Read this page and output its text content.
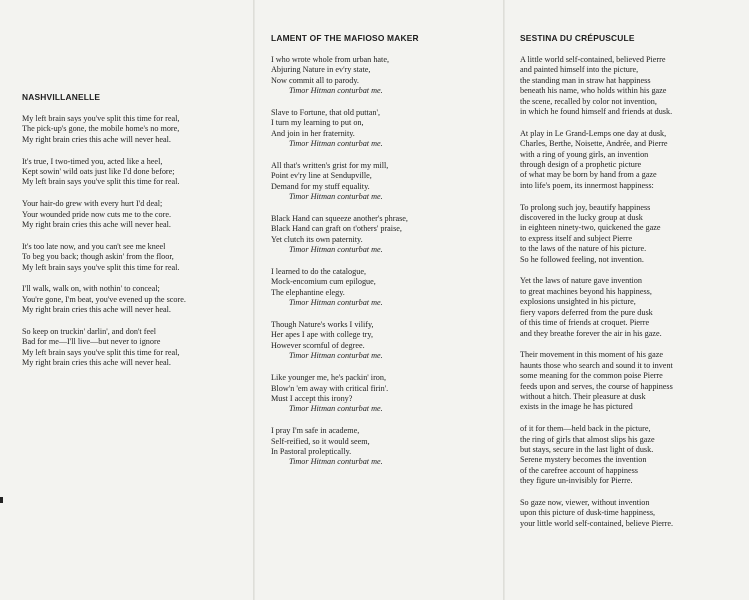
NASHVILLANELLE
My left brain says you've split this time for real,
The pick-up's gone, the mobile home's no more,
My right brain cries this ache will never heal.
It's true, I two-timed you, acted like a heel,
Kept sowin' wild oats just like I'd done before;
My left brain says you've split this time for real.
Your hair-do grew with every hurt I'd deal;
Your wounded pride now cuts me to the core.
My right brain cries this ache will never heal.
It's too late now, and you can't see me kneel
To beg you back; though askin' from the floor,
My left brain says you've split this time for real.
I'll walk, walk on, with nothin' to conceal;
You're gone, I'm beat, you've evened up the score.
My right brain cries this ache will never heal.
So keep on truckin' darlin', and don't feel
Bad for me—I'll live—but never to ignore
My left brain says you've split this time for real,
My right brain cries this ache will never heal.
LAMENT OF THE MAFIOSO MAKER
I who wrote whole from urban hate,
Abjuring Nature in ev'ry state,
Now commit all to parody.
Timor Hitman conturbat me.
Slave to Fortune, that old puttan',
I turn my learning to put on,
And join in her fraternity.
Timor Hitman conturbat me.
All that's written's grist for my mill,
Point ev'ry line at Sendupville,
Demand for my stuff equality.
Timor Hitman conturbat me.
Black Hand can squeeze another's phrase,
Black Hand can graft on t'others' praise,
Yet clutch its own paternity.
Timor Hitman conturbat me.
I learned to do the catalogue,
Mock-encomium cum epilogue,
The elephantine elegy.
Timor Hitman conturbat me.
Though Nature's works I vilify,
Her apes I ape with college try,
However scornful of degree.
Timor Hitman conturbat me.
Like younger me, he's packin' iron,
Blow'n 'em away with critical firin'.
Must I accept this irony?
Timor Hitman conturbat me.
I pray I'm safe in academe,
Self-reified, so it would seem,
In Pastoral proleptically.
Timor Hitman conturbat me.
SESTINA DU CRÉPUSCULE
A little world self-contained, believed Pierre
and painted himself into the picture,
the standing man in straw hat happiness
beneath his name, who holds within his gaze
the scene, recalled by color not invention,
in which he found himself and friends at dusk.
At play in Le Grand-Lemps one day at dusk,
Charles, Berthe, Noisette, Andrée, and Pierre
with a ring of young girls, an invention
through design of a prophetic picture
of what may be born by hand from a gaze
into life's poem, its innermost happiness:
To prolong such joy, beautify happiness
discovered in the lucky group at dusk
in eighteen ninety-two, quickened the gaze
to express itself and subject Pierre
to the laws of the nature of his picture.
So he followed feeling, not invention.
Yet the laws of nature gave invention
to great machines beyond his happiness,
explosions unsighted in his picture,
fiery vapors deferred from the pure dusk
of this time of friends at croquet. Pierre
and they breathe forever the air in his gaze.
Their movement in this moment of his gaze
haunts those who search and sound it to invent
some meaning for the common poise Pierre
feeds upon and serves, the course of happiness
without a hitch. Their pleasure at dusk
exists in the image he has pictured
of it for them—held back in the picture,
the ring of girls that almost slips his gaze
but stays, secure in the last light of dusk.
Serene mystery becomes the invention
of the carefree account of happiness
they figure un-invisibly for Pierre.
So gaze now, viewer, without invention
upon this picture of dusk-time happiness,
your little world self-contained, believe Pierre.
